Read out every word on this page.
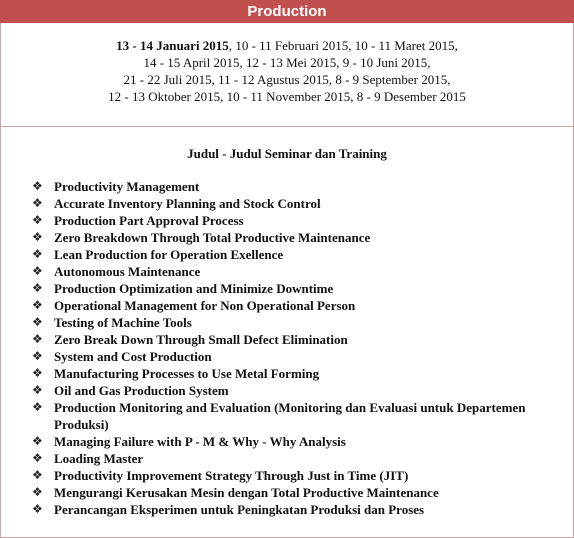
Production
13 - 14 Januari 2015, 10 - 11 Februari 2015, 10 - 11 Maret 2015,
14 - 15 April 2015, 12 - 13 Mei 2015, 9 - 10 Juni 2015,
21 - 22 Juli 2015, 11 - 12 Agustus 2015, 8 - 9 September 2015,
12 - 13 Oktober 2015, 10 - 11 November 2015, 8 - 9 Desember 2015
Judul - Judul Seminar dan Training
❖ Productivity Management
❖ Accurate Inventory Planning and Stock Control
❖ Production Part Approval Process
❖ Zero Breakdown Through Total Productive Maintenance
❖ Lean Production for Operation Exellence
❖ Autonomous Maintenance
❖ Production Optimization and Minimize Downtime
❖ Operational Management for Non Operational Person
❖ Testing of Machine Tools
❖ Zero Break Down Through Small Defect Elimination
❖ System and Cost Production
❖ Manufacturing Processes to Use Metal Forming
❖ Oil and Gas Production System
❖ Production Monitoring and Evaluation (Monitoring dan Evaluasi untuk Departemen Produksi)
❖ Managing Failure with P - M & Why - Why Analysis
❖ Loading Master
❖ Productivity Improvement Strategy Through Just in Time (JIT)
❖ Mengurangi Kerusakan Mesin dengan Total Productive Maintenance
❖ Perancangan Eksperimen untuk Peningkatan Produksi dan Proses
